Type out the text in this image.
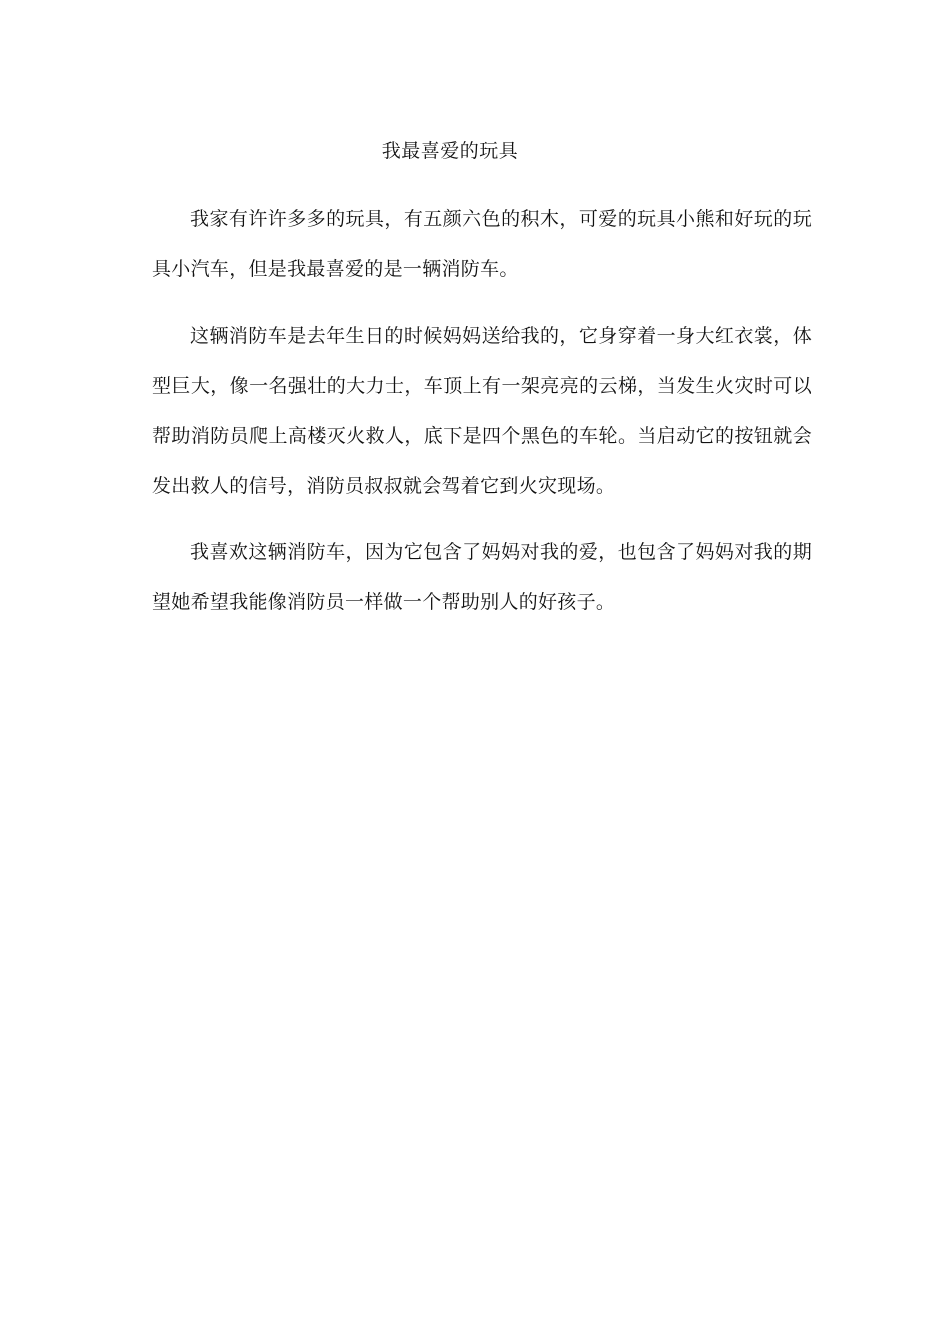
我最喜爱的玩具

我家有许许多多的玩具，有五颜六色的积木，可爱的玩具小熊和好玩的玩具小汽车，但是我最喜爱的是一辆消防车。

这辆消防车是去年生日的时候妈妈送给我的，它身穿着一身大红衣裳，体型巨大，像一名强壮的大力士，车顶上有一架亮亮的云梯，当发生火灾时可以帮助消防员爬上高楼灭火救人，底下是四个黑色的车轮。当启动它的按钮就会发出救人的信号，消防员叔叔就会驾着它到火灾现场。

我喜欢这辆消防车，因为它包含了妈妈对我的爱，也包含了妈妈对我的期望她希望我能像消防员一样做一个帮助别人的好孩子。
